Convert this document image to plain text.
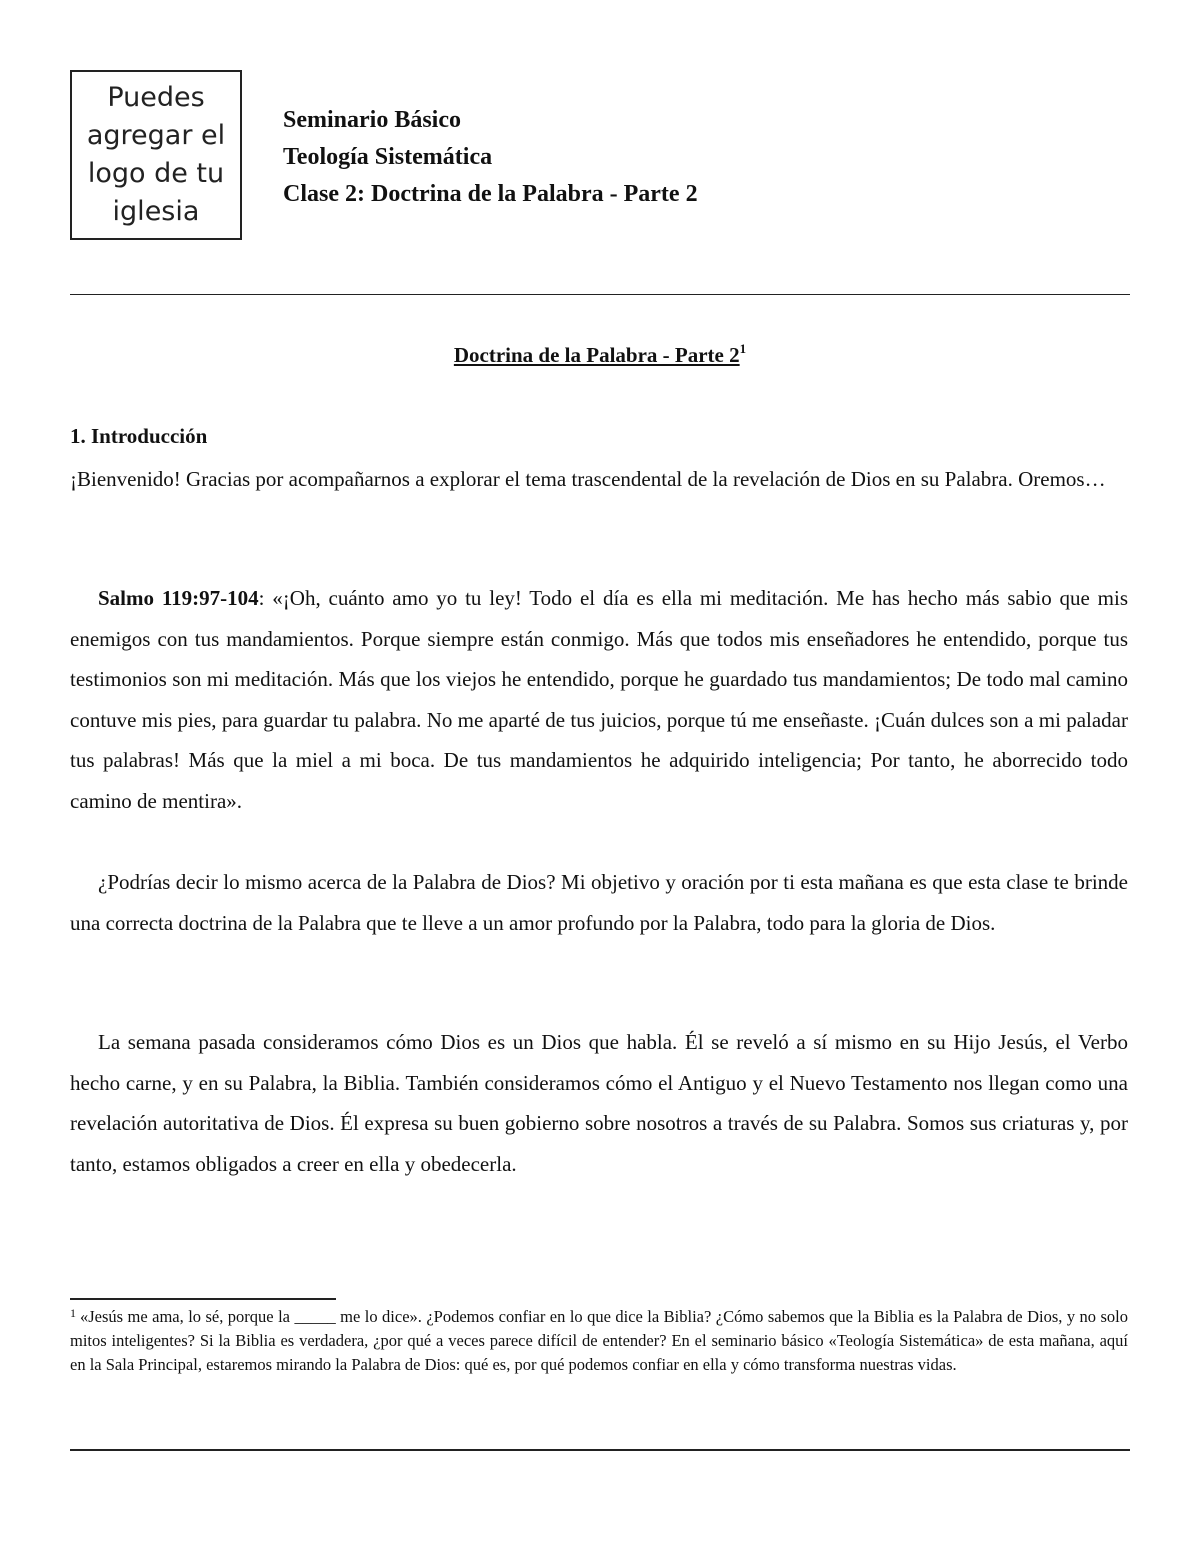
Puedes
agregar el
logo de tu
iglesia
Seminario Básico
Teología Sistemática
Clase 2: Doctrina de la Palabra - Parte 2
Doctrina de la Palabra - Parte $2^1$
1. Introducción

¡Bienvenido! Gracias por acompañarnos a explorar el tema trascendental de la revelación de Dios en su Palabra. Oremos…

Salmo 119:97-104: «¡Oh, cuánto amo yo tu ley! Todo el día es ella mi meditación. Me has hecho más sabio que mis enemigos con tus mandamientos. Porque siempre están conmigo. Más que todos mis enseñadores he entendido, porque tus testimonios son mi meditación. Más que los viejos he entendido, porque he guardado tus mandamientos; De todo mal camino contuve mis pies, para guardar tu palabra. No me aparté de tus juicios, porque tú me enseñaste. ¡Cuán dulces son a mi paladar tus palabras! Más que la miel a mi boca. De tus mandamientos he adquirido inteligencia; Por tanto, he aborrecido todo camino de mentira».

¿Podrías decir lo mismo acerca de la Palabra de Dios? Mi objetivo y oración por ti esta mañana es que esta clase te brinde una correcta doctrina de la Palabra que te lleve a un amor profundo por la Palabra, todo para la gloria de Dios.

La semana pasada consideramos cómo Dios es un Dios que habla. Él se reveló a sí mismo en su Hijo Jesús, el Verbo hecho carne, y en su Palabra, la Biblia. También consideramos cómo el Antiguo y el Nuevo Testamento nos llegan como una revelación autoritativa de Dios. Él expresa su buen gobierno sobre nosotros a través de su Palabra. Somos sus criaturas y, por tanto, estamos obligados a creer en ella y obedecerla.

$^1$ «Jesús me ama, lo sé, porque la _____ me lo dice». ¿Podemos confiar en lo que dice la Biblia? ¿Cómo sabemos que la Biblia es la Palabra de Dios, y no solo mitos inteligentes? Si la Biblia es verdadera, ¿por qué a veces parece difícil de entender? En el seminario básico «Teología Sistemática» de esta mañana, aquí en la Sala Principal, estaremos mirando la Palabra de Dios: qué es, por qué podemos confiar en ella y cómo transforma nuestras vidas.
